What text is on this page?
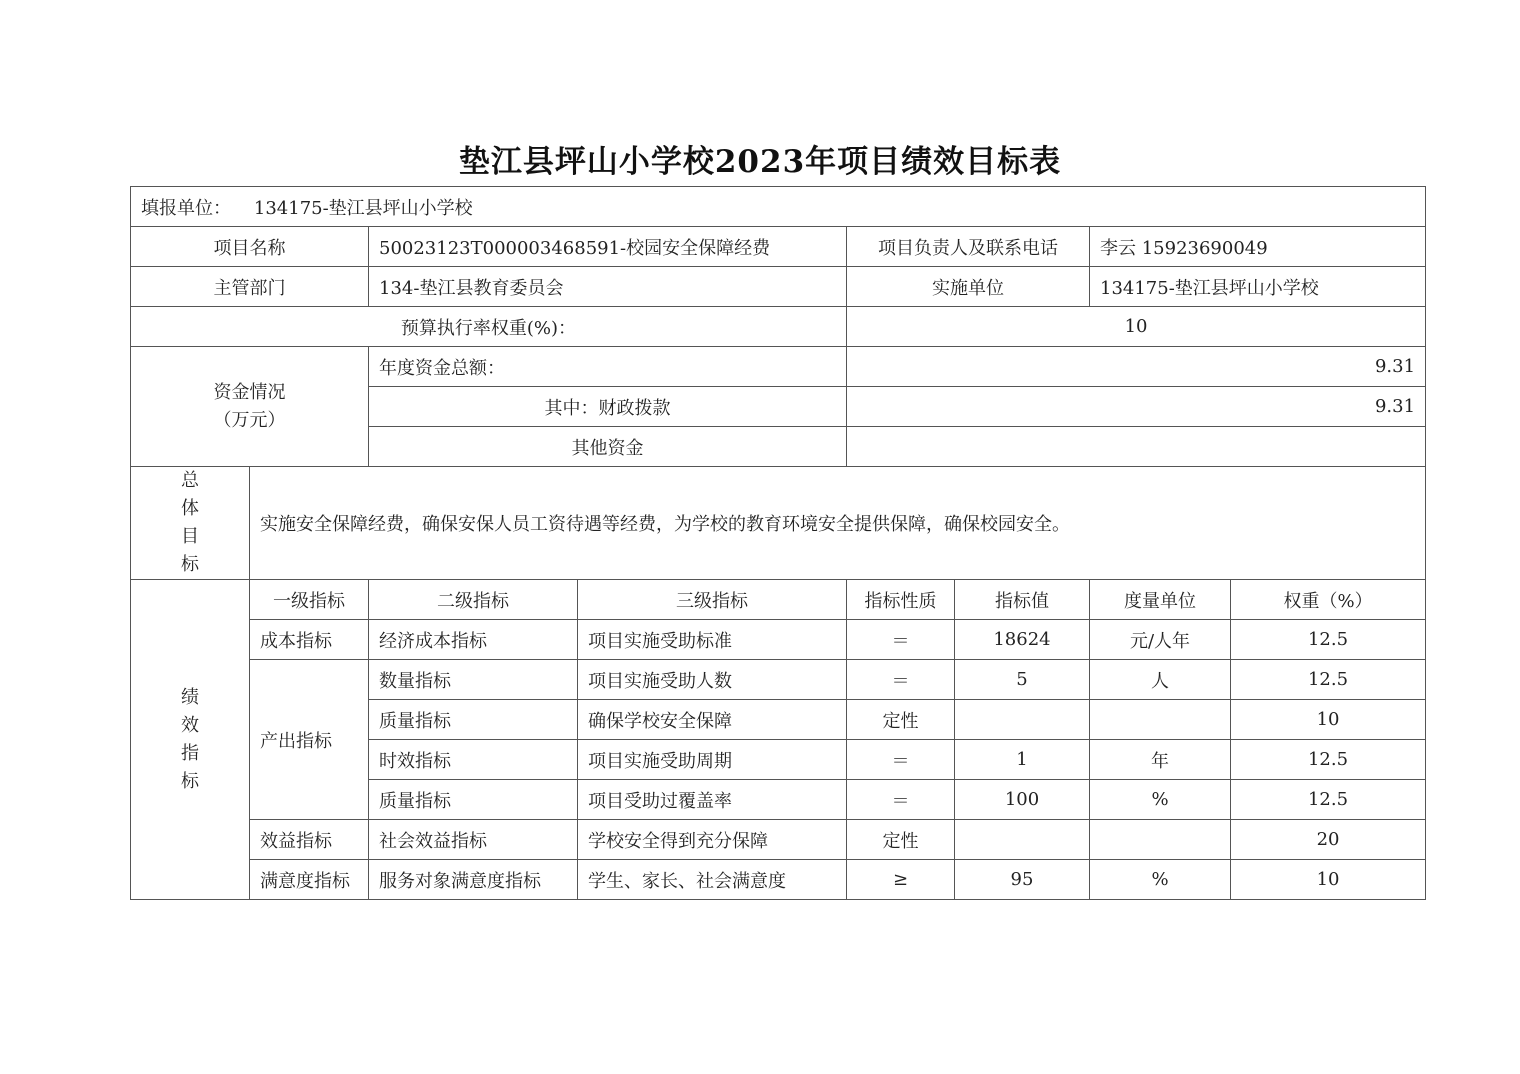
垫江县坪山小学校2023年项目绩效目标表
填报单位： 134175-垫江县坪山小学校							
项目名称		50023123T000003468591-校园安全保障经费		项目负责人及联系电话		李云 15923690049	
主管部门		134-垫江县教育委员会		实施单位		134175-垫江县坪山小学校	
预算执行率权重(%)：				10			

资金情况
（万元）		年度资金总额：		9.31			
		其中：财政拨款		9.31			
		其他资金					

总
体
目
标	实施安全保障经费，确保安保人员工资待遇等经费，为学校的教育环境安全提供保障，确保校园安全。						

绩
效
指
标	一级指标	二级指标	三级指标	指标性质	指标值	度量单位	权重（%）
	成本指标	经济成本指标	项目实施受助标准	＝	18624	元/人年	12.5
	产出指标	数量指标	项目实施受助人数	＝	5	人	12.5
		质量指标	确保学校安全保障	定性			10
		时效指标	项目实施受助周期	＝	1	年	12.5
		质量指标	项目受助过覆盖率	＝	100	%	12.5
	效益指标	社会效益指标	学校安全得到充分保障	定性			20
	满意度指标	服务对象满意度指标	学生、家长、社会满意度	≥	95	%	10
